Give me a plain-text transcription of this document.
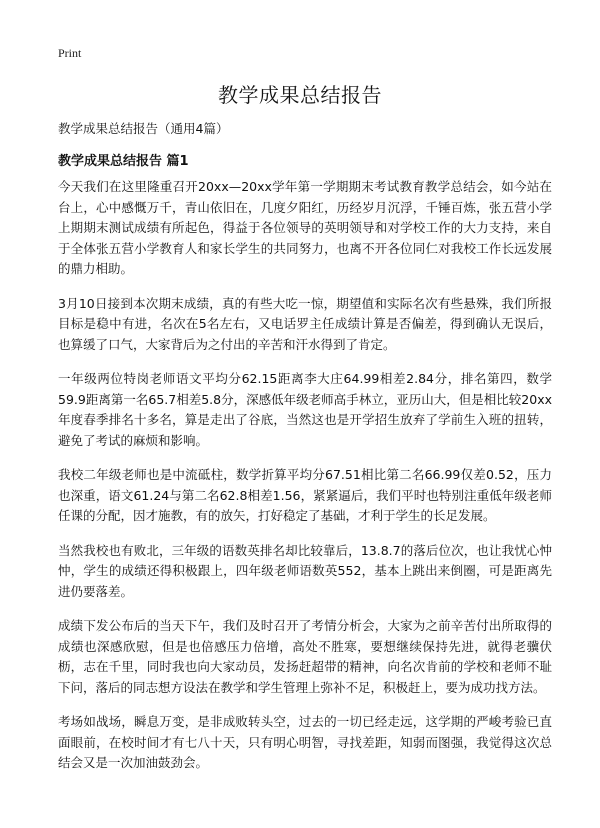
Print
教学成果总结报告
教学成果总结报告（通用4篇）
教学成果总结报告 篇1

今天我们在这里隆重召开20xx—20xx学年第一学期期末考试教育教学总结会，如今站在台上，心中感慨万千，青山依旧在，几度夕阳红，历经岁月沉浮，千锤百炼，张五营小学上期期末测试成绩有所起色，得益于各位领导的英明领导和对学校工作的大力支持，来自于全体张五营小学教育人和家长学生的共同努力，也离不开各位同仁对我校工作长远发展的鼎力相助。

3月10日接到本次期末成绩，真的有些大吃一惊，期望值和实际名次有些悬殊，我们所报目标是稳中有进，名次在5名左右，又电话罗主任成绩计算是否偏差，得到确认无误后，也算缓了口气，大家背后为之付出的辛苦和汗水得到了肯定。

一年级两位特岗老师语文平均分62.15距离李大庄64.99相差2.84分，排名第四，数学59.9距离第一名65.7相差5.8分，深感低年级老师高手林立，亚历山大，但是相比较20xx年度春季排名十多名，算是走出了谷底，当然这也是开学招生放弃了学前生入班的扭转，避免了考试的麻烦和影响。

我校二年级老师也是中流砥柱，数学折算平均分67.51相比第二名66.99仅差0.52，压力也深重，语文61.24与第二名62.8相差1.56，紧紧逼后，我们平时也特别注重低年级老师任课的分配，因才施教，有的放矢，打好稳定了基础，才利于学生的长足发展。

当然我校也有败北，三年级的语数英排名却比较靠后，13.8.7的落后位次，也让我忧心忡忡，学生的成绩还得积极跟上，四年级老师语数英552，基本上跳出来倒圈，可是距离先进仍要落差。

成绩下发公布后的当天下午，我们及时召开了考情分析会，大家为之前辛苦付出所取得的成绩也深感欣慰，但是也倍感压力倍增，高处不胜寒，要想继续保持先进，就得老骥伏枥，志在千里，同时我也向大家动员，发扬赶超带的精神，向名次肯前的学校和老师不耻下问，落后的同志想方设法在教学和学生管理上弥补不足，积极赶上，要为成功找方法。

考场如战场，瞬息万变，是非成败转头空，过去的一切已经走远，这学期的严峻考验已直面眼前，在校时间才有七八十天，只有明心明智，寻找差距，知弱而图强，我觉得这次总结会又是一次加油鼓劲会。
